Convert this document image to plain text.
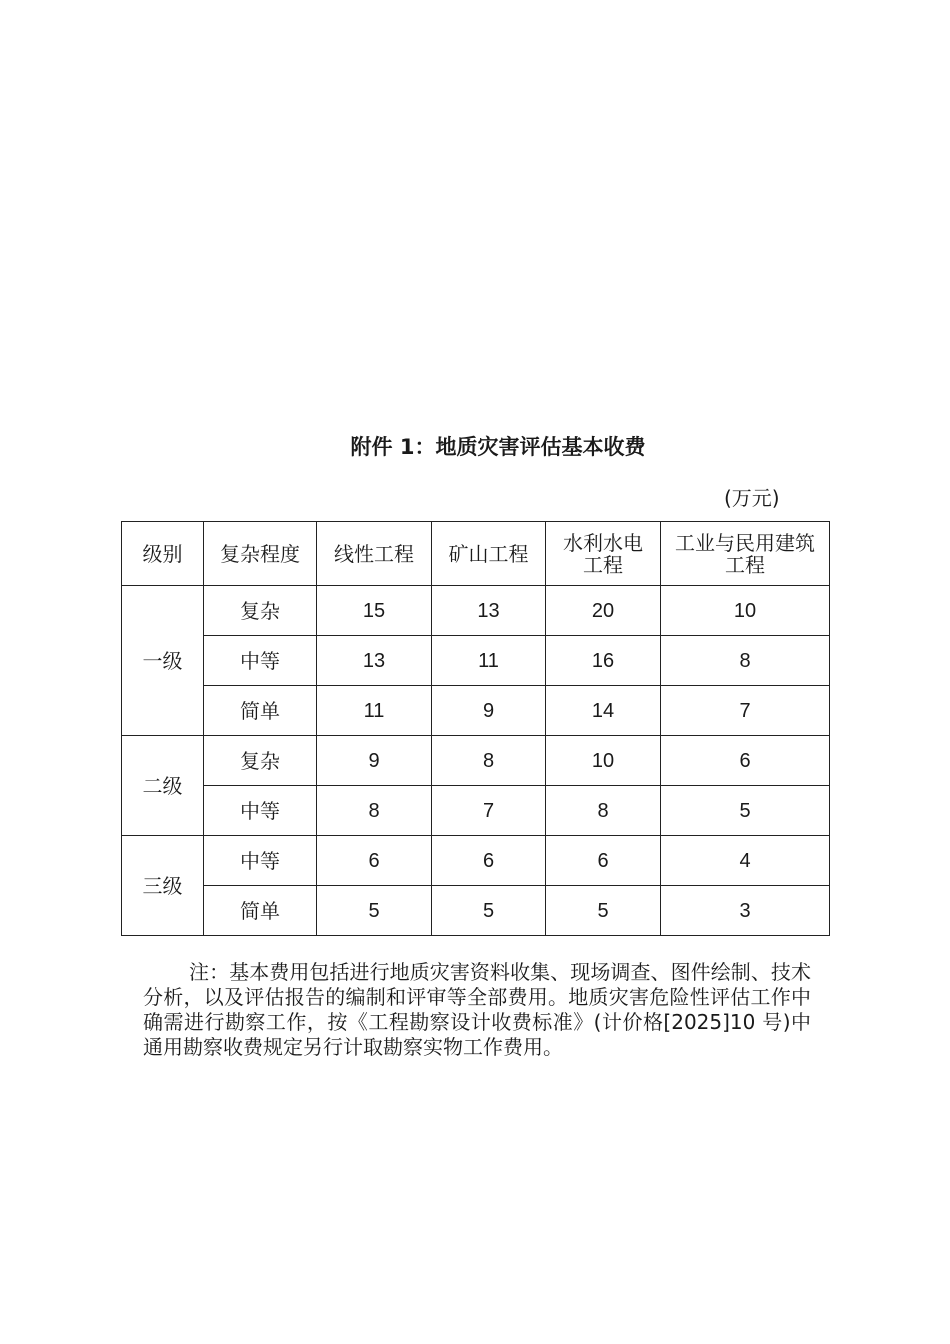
附件 1：地质灾害评估基本收费
(万元)
级别	复杂程度	线性工程	矿山工程	水利水电工程	工业与民用建筑工程
一级	复杂	15	13	20	10
	中等	13	11	16	8
	简单	11	9	14	7
二级	复杂	9	8	10	6
	中等	8	7	8	5
三级	中等	6	6	6	4
	简单	5	5	5	3

注：基本费用包括进行地质灾害资料收集、现场调查、图件绘制、技术分析，以及评估报告的编制和评审等全部费用。地质灾害危险性评估工作中确需进行勘察工作，按《工程勘察设计收费标准》(计价格[2025]10 号)中通用勘察收费规定另行计取勘察实物工作费用。
